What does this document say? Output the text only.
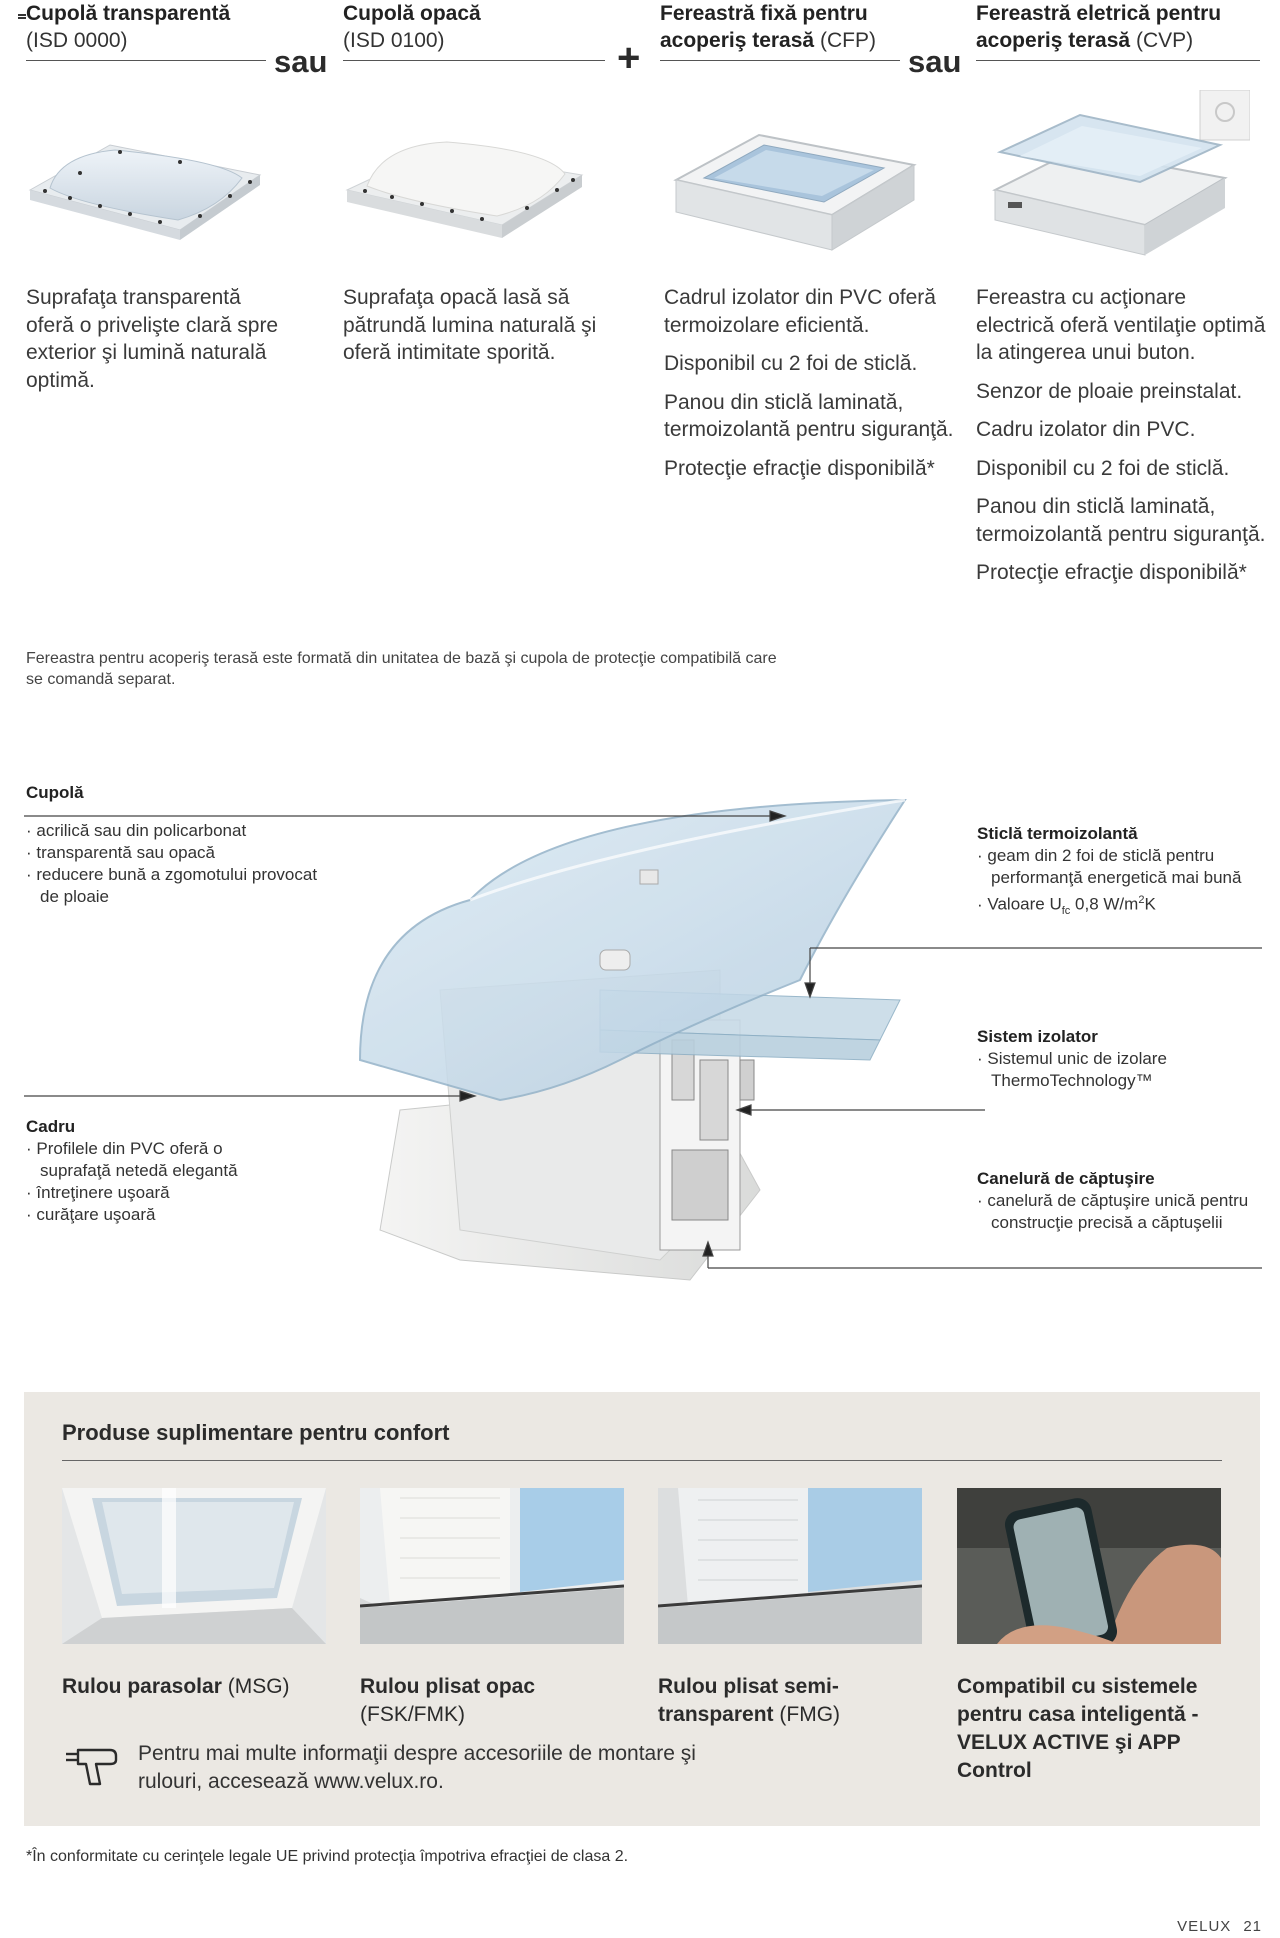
Cupolă transparentă
(ISD 0000)
Cupolă opacă
(ISD 0100)
Fereastră fixă pentru acoperiş terasă (CFP)
Fereastră eletrică pentru acoperiş terasă (CVP)
sau	+	sau

Suprafaţa transparentă oferă o privelişte clară spre exterior şi lumină naturală optimă.

Suprafaţa opacă lasă să pătrundă lumina naturală şi oferă intimitate sporită.

Cadrul izolator din PVC oferă termoizolare eficientă.

Disponibil cu 2 foi de sticlă.

Panou din sticlă laminată, termoizolantă pentru siguranţă.

Protecţie efracţie disponibilă*

Fereastra cu acţionare electrică oferă ventilaţie optimă la atingerea unui buton.

Senzor de ploaie preinstalat.

Cadru izolator din PVC.

Disponibil cu 2 foi de sticlă.

Panou din sticlă laminată, termoizolantă pentru siguranţă.

Protecţie efracţie disponibilă*

Fereastra pentru acoperiş terasă este formată din unitatea de bază şi cupola de protecţie compatibilă care se comandă separat.
Cupolă
· acrilică sau din policarbonat
· transparentă sau opacă
· reducere bună a zgomotului provocat de ploaie
Sticlă termoizolantă
· geam din 2 foi de sticlă pentru performanţă energetică mai bună
· Valoare $U_{fc}$ 0,8 $W/m^2K$
Sistem izolator
· Sistemul unic de izolare ThermoTechnology™
Cadru
· Profilele din PVC oferă o suprafaţă netedă elegantă
· întreţinere uşoară
· curăţare uşoară
Canelură de căptuşire
· canelură de căptuşire unică pentru construcţie precisă a căptuşelii
Produse suplimentare pentru confort
Rulou parasolar (MSG)	Rulou plisat opac
(FSK/FMK)
Rulou plisat semi-transparent (FMG)
Compatibil cu sistemele pentru casa inteligentă - VELUX ACTIVE şi APP Control
Pentru mai multe informaţii despre accesoriile de montare şi rulouri, accesează www.velux.ro.
*În conformitate cu cerinţele legale UE privind protecţia împotriva efracţiei de clasa 2.
VELUX 21
